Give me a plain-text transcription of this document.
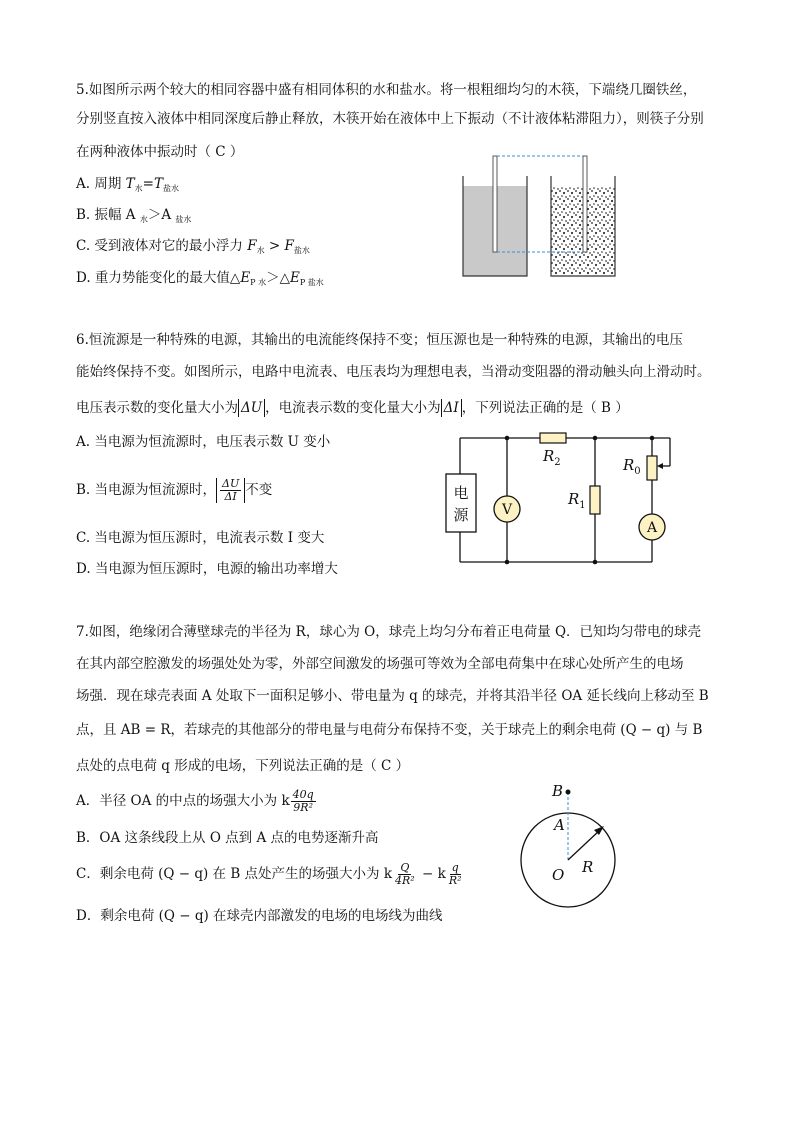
5.如图所示两个较大的相同容器中盛有相同体积的水和盐水。将一根粗细均匀的木筷，下端绕几圈铁丝，
分别竖直按入液体中相同深度后静止释放，木筷开始在液体中上下振动（不计液体粘滞阻力），则筷子分别
在两种液体中振动时（ C ）
A. 周期 $T_水=T_{盐水}$
B. 振幅 A $_水$＞A $_{盐水}$
C. 受到液体对它的最小浮力 $F_水 > F_{盐水}$
D. 重力势能变化的最大值$\triangle E_{P 水}>\triangle E_{P 盐水}$
6.恒流源是一种特殊的电源，其输出的电流能终保持不变；恒压源也是一种特殊的电源，其输出的电压
能始终保持不变。如图所示，电路中电流表、电压表均为理想电表，当滑动变阻器的滑动触头向上滑动时。
电压表示数的变化量大小为 ΔU ，电流表示数的变化量大小为 ΔI ，下列说法正确的是（ B ）
A. 当电源为恒流源时，电压表示数 U 变小
B. 当电源为恒流源时， $\frac{\Delta U}{\Delta I}$ 不变
C. 当电源为恒压源时，电流表示数 I 变大
D. 当电源为恒压源时，电源的输出功率增大
电
源 V
$R_2$
$R_1$
$R_0$
A
7.如图，绝缘闭合薄壁球壳的半径为 R，球心为 O，球壳上均匀分布着正电荷量 Q．已知均匀带电的球壳
在其内部空腔激发的场强处处为零，外部空间激发的场强可等效为全部电荷集中在球心处所产生的电场
场强．现在球壳表面 A 处取下一面积足够小、带电量为 q 的球壳，并将其沿半径 OA 延长线向上移动至 B
点，且 AB = R，若球壳的其他部分的带电量与电荷分布保持不变，关于球壳上的剩余电荷 (Q − q) 与 B
点处的点电荷 q 形成的电场，下列说法正确的是（ C ）
A．半径 OA 的中点的场强大小为 k $\frac{40q}{\text{9R²}}$
B．OA 这条线段上从 O 点到 A 点的电势逐渐升高
C．剩余电荷 (Q − q) 在 B 点处产生的场强大小为 k $\frac{Q}{\text{4R²}} - k \frac{q}{\text{R²}}$
D．剩余电荷 (Q − q) 在球壳内部激发的电场的电场线为曲线
B
A
O R
